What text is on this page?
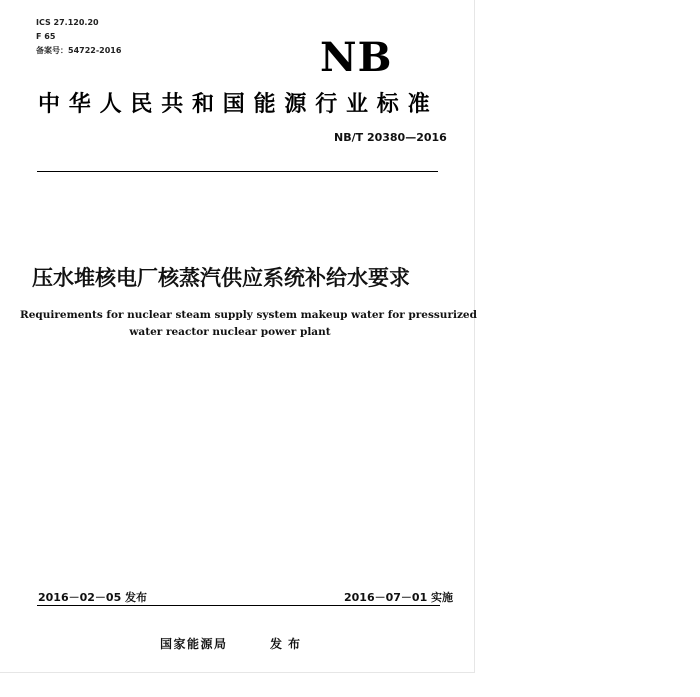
ICS 27.120.20
F 65
备案号：54722-2016	NB
中华人民共和国能源行业标准
NB/T 20380—2016
压水堆核电厂核蒸汽供应系统补给水要求
Requirements for nuclear steam supply system makeup water for pressurized
water reactor nuclear power plant
2016－02－05 发布	2016－07－01 实施
国家能源局	发布
